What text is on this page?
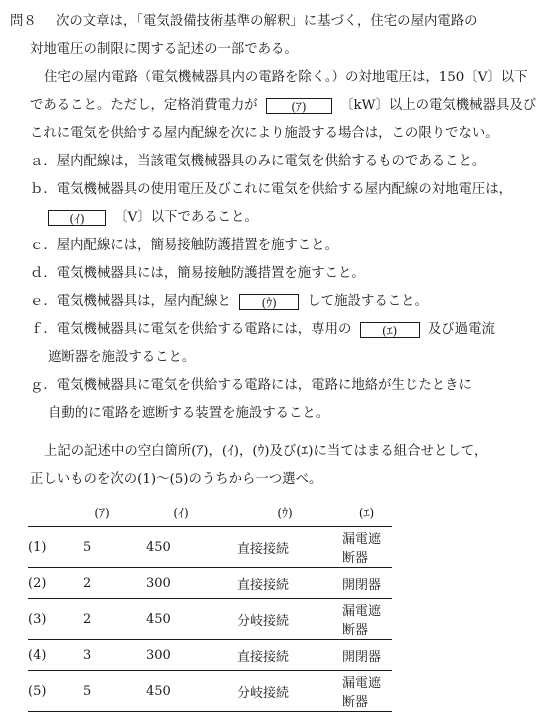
問８ 次の文章は，「電気設備技術基準の解釈」に基づく，住宅の屋内電路の
対地電圧の制限に関する記述の一部である。
住宅の屋内電路（電気機械器具内の電路を除く。）の対地電圧は，150〔V〕以下
であること。ただし，定格消費電力が	(ｱ)	〔kW〕以上の電気機械器具及び
これに電気を供給する屋内配線を次により施設する場合は，この限りでない。
ａ．屋内配線は，当該電気機械器具のみに電気を供給するものであること。
ｂ．電気機械器具の使用電圧及びこれに電気を供給する屋内配線の対地電圧は，
(ｲ) 〔V〕以下であること。
ｃ．屋内配線には，簡易接触防護措置を施すこと。
ｄ．電気機械器具には，簡易接触防護措置を施すこと。
ｅ．電気機械器具は，屋内配線と	(ｳ) して施設すること。
ｆ．電気機械器具に電気を供給する電路には，専用の	(ｴ) 及び過電流
遮断器を施設すること。
ｇ．電気機械器具に電気を供給する電路には，電路に地絡が生じたときに
自動的に電路を遮断する装置を施設すること。
上記の記述中の空白箇所(ｱ)，(ｲ)，(ｳ)及び(ｴ)に当てはまる組合せとして，
正しいものを次の(1)〜(5)のうちから一つ選べ。
	(ｱ)	(ｲ)	(ｳ)	(ｴ)
(1)	5	450	直接接続	漏電遮断器
(2)	2	300	直接接続	開閉器
(3)	2	450	分岐接続	漏電遮断器
(4)	3	300	直接接続	開閉器
(5)	5	450	分岐接続	漏電遮断器
